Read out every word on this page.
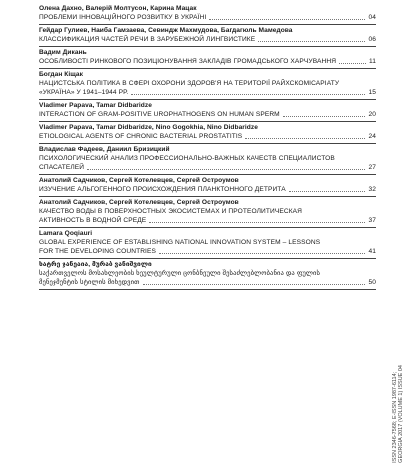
Олена Дахно, Валерій Молтусон, Карина Мацак
ПРОБЛЕМИ ІННОВАЦІЙНОГО РОЗВИТКУ В УКРАЇНІ	04
Гейдар Гулиев, Наиба Гамзаева, Севиндж Махмудова, Багдагюль Мамедова
КЛАССИФИКАЦИЯ ЧАСТЕЙ РЕЧИ В ЗАРУБЕЖНОЙ ЛИНГВИСТИКЕ	06
Вадим Дикань
ОСОБЛИВОСТІ РИНКОВОГО ПОЗИЦІОНУВАННЯ ЗАКЛАДІВ ГРОМАДСЬКОГО ХАРЧУВАННЯ	11
Богдан Кіщак
НАЦИСТСЬКА ПОЛІТИКА В СФЕРІ ОХОРОНИ ЗДОРОВ'Я НА ТЕРИТОРІЇ РАЙХСКОМІСАРІАТУ
«УКРАЇНА» У 1941–1944 РР.	15
Vladimer Papava, Tamar Didbaridze
INTERACTION OF GRAM-POSITIVE UROPHATHOGENS ON HUMAN SPERM	20
Vladimer Papava, Tamar Didbaridze, Nino Gogokhia, Nino Didbaridze
ETIOLOGICAL AGENTS OF CHRONIC BACTERIAL PROSTATITIS	24
Владислав Фадеев, Даниил Бризицкий
ПСИХОЛОГИЧЕСКИЙ АНАЛИЗ ПРОФЕССИОНАЛЬНО-ВАЖНЫХ КАЧЕСТВ СПЕЦИАЛИСТОВ
СПАСАТЕЛЕЙ	27
Анатолий Садчиков, Сергей Котелевцев, Сергей Остроумов
ИЗУЧЕНИЕ АЛЬГОГЕННОГО ПРОИСХОЖДЕНИЯ ПЛАНКТОННОГО ДЕТРИТА	32
Анатолий Садчиков, Сергей Котелевцев, Сергей Остроумов
КАЧЕСТВО ВОДЫ В ПОВЕРХНОСТНЫХ ЭКОСИСТЕМАХ И ПРОТЕОЛИТИЧЕСКАЯ
АКТИВНОСТЬ В ВОДНОЙ СРЕДЕ	37
Lamara Qoqiauri
GLOBAL EXPERIENCE OF ESTABLISHING NATIONAL INNOVATION SYSTEM – LESSONS
FOR THE DEVELOPING COUNTRIES	41
ხატრე ჯანეაია, მურაბ ვანიშვილი
საქართველოს მოსახლეობის ხეულ​ტურული ცონბნეული შესაძლებლობანია და ფულის
მენეჯმენტის სტილის მიხედვით	50
ISSN 2346-7568; E-ISSN 1987-6114; GEORGIA 2017 (VOLUME 1) ISSUE 04
